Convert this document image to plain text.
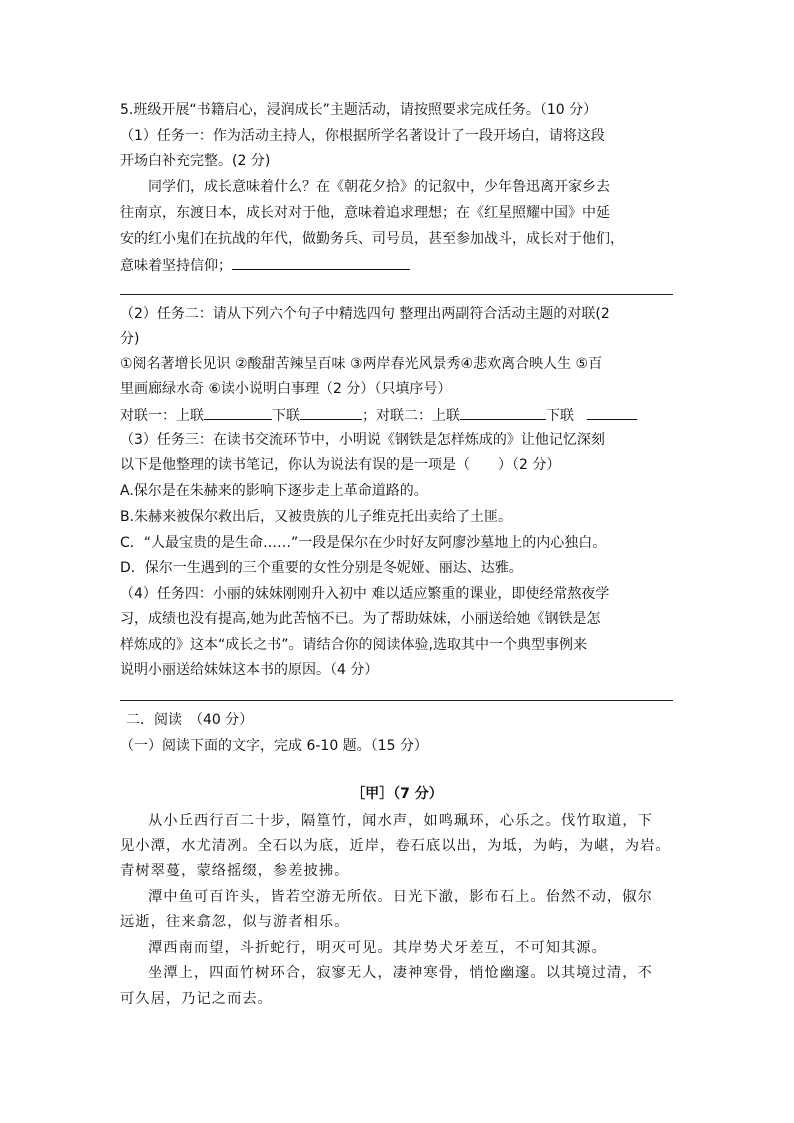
5.班级开展“书籍启心，浸润成长”主题活动，请按照要求完成任务。（10 分）
（1）任务一：作为活动主持人，你根据所学名著设计了一段开场白，请将这段
开场白补充完整。(2 分)
同学们，成长意味着什么？在《朝花夕拾》的记叙中，少年鲁迅离开家乡去
往南京，东渡日本，成长对对于他，意味着追求理想；在《红星照耀中国》中延
安的红小鬼们在抗战的年代，做勤务兵、司号员，甚至参加战斗，成长对于他们，
意味着坚持信仰；
（2）任务二：请从下列六个句子中精选四句 整理出两副符合活动主题的对联(2
分)
①阅名著增长见识 ②酸甜苦辣呈百味 ③两岸春光风景秀④悲欢离合映人生 ⑤百
里画廊绿水奇 ⑥读小说明白事理（2 分）（只填序号）
对联一：上联	下联	；对联二：上联	下联
（3）任务三：在读书交流环节中，小明说《钢铁是怎样炼成的》让他记忆深刻
以下是他整理的读书笔记，你认为说法有误的是一项是（　　）（2 分）
A.保尔是在朱赫来的影响下逐步走上革命道路的。
B.朱赫来被保尔救出后，又被贵族的儿子维克托出卖给了土匪。
C．“人最宝贵的是生命……”一段是保尔在少时好友阿廖沙墓地上的内心独白。
D．保尔一生遇到的三个重要的女性分别是冬妮娅、丽达、达雅。
（4）任务四：小丽的妹妹刚刚升入初中 难以适应繁重的课业，即使经常熬夜学
习，成绩也没有提高,她为此苦恼不已。为了帮助妹妹，小丽送给她《钢铁是怎
样炼成的》这本“成长之书”。请结合你的阅读体验,选取其中一个典型事例来
说明小丽送给妹妹这本书的原因。（4 分）
二．阅读　（40 分）
（一）阅读下面的文字，完成 6-10 题。（15 分）
［甲］（7 分）
从小丘西行百二十步，隔篁竹，闻水声，如鸣珮环，心乐之。伐竹取道，下
见小潭，水尤清冽。全石以为底，近岸，卷石底以出，为坻，为屿，为嵁，为岩。
青树翠蔓，蒙络摇缀，参差披拂。
潭中鱼可百许头，皆若空游无所依。日光下澈，影布石上。佁然不动，俶尔
远逝，往来翕忽，似与游者相乐。
潭西南而望，斗折蛇行，明灭可见。其岸势犬牙差互，不可知其源。
坐潭上，四面竹树环合，寂寥无人，凄神寒骨，悄怆幽邃。以其境过清，不
可久居，乃记之而去。
